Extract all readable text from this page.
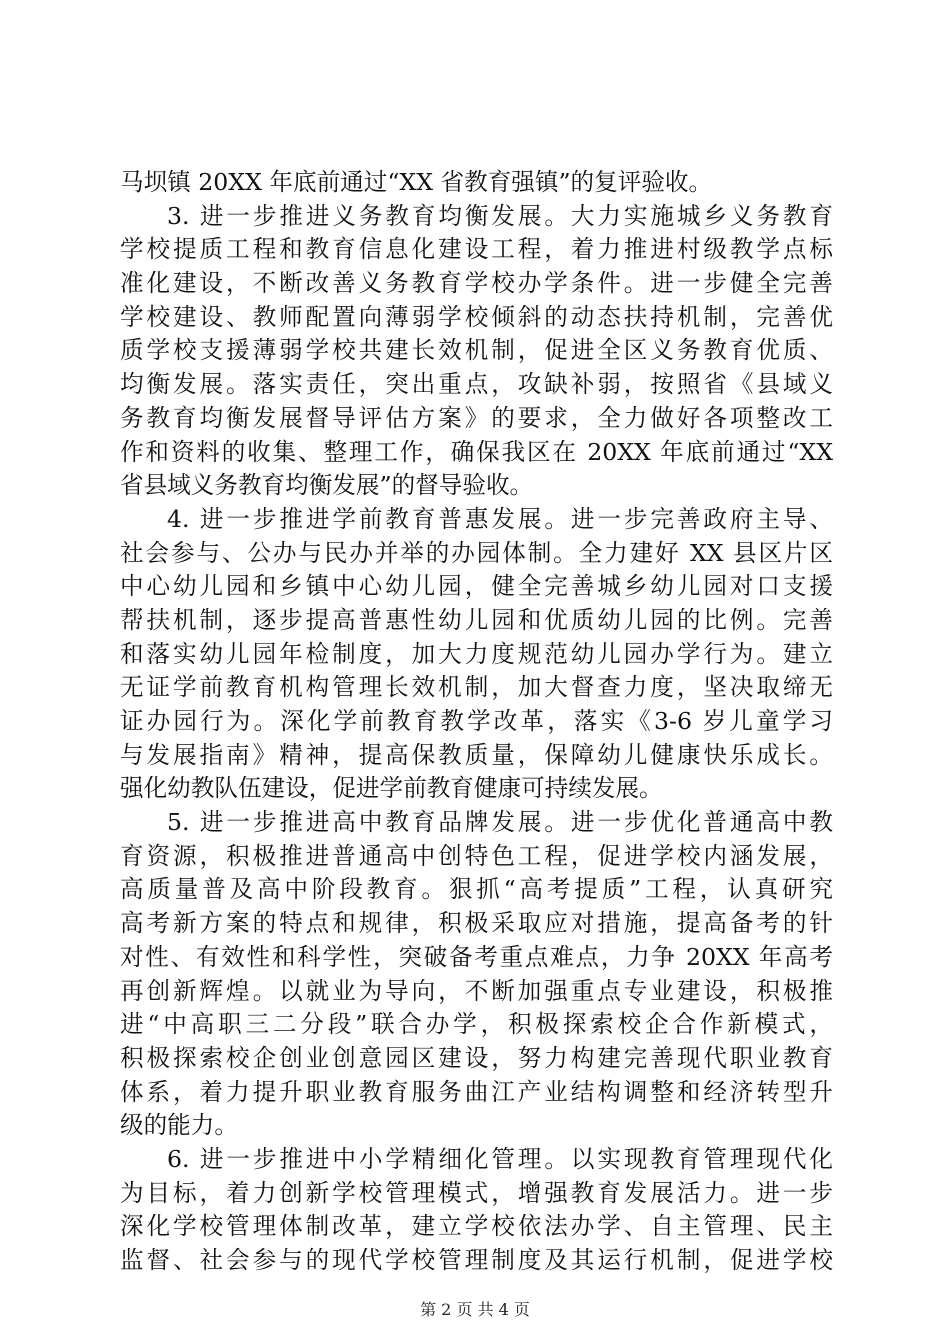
马坝镇 20XX 年底前通过“XX 省教育强镇”的复评验收。
3. 进一步推进义务教育均衡发展。大力实施城乡义务教育
学校提质工程和教育信息化建设工程，着力推进村级教学点标
准化建设，不断改善义务教育学校办学条件。进一步健全完善
学校建设、教师配置向薄弱学校倾斜的动态扶持机制，完善优
质学校支援薄弱学校共建长效机制，促进全区义务教育优质、
均衡发展。落实责任，突出重点，攻缺补弱，按照省《县域义
务教育均衡发展督导评估方案》的要求，全力做好各项整改工
作和资料的收集、整理工作，确保我区在 20XX 年底前通过“XX
省县域义务教育均衡发展”的督导验收。
4. 进一步推进学前教育普惠发展。进一步完善政府主导、
社会参与、公办与民办并举的办园体制。全力建好 XX 县区片区
中心幼儿园和乡镇中心幼儿园，健全完善城乡幼儿园对口支援
帮扶机制，逐步提高普惠性幼儿园和优质幼儿园的比例。完善
和落实幼儿园年检制度，加大力度规范幼儿园办学行为。建立
无证学前教育机构管理长效机制，加大督查力度，坚决取缔无
证办园行为。深化学前教育教学改革，落实《3-6 岁儿童学习
与发展指南》精神，提高保教质量，保障幼儿健康快乐成长。
强化幼教队伍建设，促进学前教育健康可持续发展。
5. 进一步推进高中教育品牌发展。进一步优化普通高中教
育资源，积极推进普通高中创特色工程，促进学校内涵发展，
高质量普及高中阶段教育。狠抓“高考提质”工程，认真研究
高考新方案的特点和规律，积极采取应对措施，提高备考的针
对性、有效性和科学性，突破备考重点难点，力争 20XX 年高考
再创新辉煌。以就业为导向，不断加强重点专业建设，积极推
进“中高职三二分段”联合办学，积极探索校企合作新模式，
积极探索校企创业创意园区建设，努力构建完善现代职业教育
体系，着力提升职业教育服务曲江产业结构调整和经济转型升
级的能力。
6. 进一步推进中小学精细化管理。以实现教育管理现代化
为目标，着力创新学校管理模式，增强教育发展活力。进一步
深化学校管理体制改革，建立学校依法办学、自主管理、民主
监督、社会参与的现代学校管理制度及其运行机制，促进学校
第 2 页 共 4 页
